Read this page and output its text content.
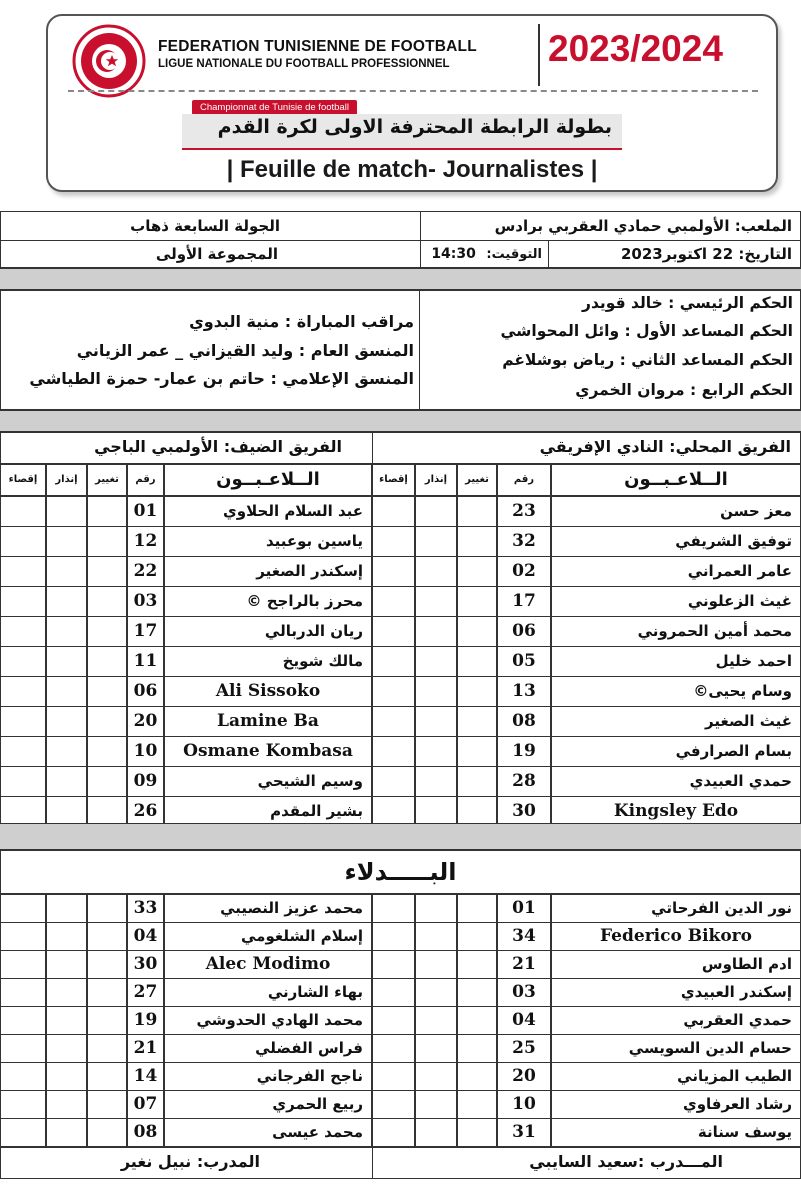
FEDERATION TUNISIENNE DE FOOTBALL
LIGUE NATIONALE DU FOOTBALL PROFESSIONNEL	2023/2024
Championnat de Tunisie de football
بطولة الرابطة المحترفة الاولى لكرة القدم
| Feuille de match- Journalistes |
الملعب: الأولمبي حمادي العقربي برادس
الجولة السابعة ذهاب
التاريخ: 22 اكتوبر2023
التوقيت: 14:30
المجموعة الأولى
الحكم الرئيسي : خالد قويدر
الحكم المساعد الأول : وائل المحواشي
الحكم المساعد الثاني : رياض بوشلاغم
الحكم الرابع : مروان الخمري
مراقب المباراة : منية البدوي
المنسق العام : وليد القيزاني _ عمر الزياني
المنسق الإعلامي : حاتم بن عمار- حمزة الطياشي
الفريق المحلي: النادي الإفريقي
الفريق الضيف: الأولمبي الباجي
الــلاعـبــون
رقم
تغيير
إنذار
إقصاء
الــلاعـبــون
رقم
تغيير
إنذار
إقصاء
معز حسن
23
توفيق الشريفي
32
عامر العمراني
02
غيث الزعلوني
17
محمد أمين الحمروني
06
احمد خليل
05
وسام يحيى©
13
غيث الصغير
08
بسام الصرارفي
19
حمدي العبيدي
28
Kingsley Edo
30
عبد السلام الحلاوي
01
ياسين بوعبيد
12
إسكندر الصغير
22
محرز بالراجح ©
03
ريان الدربالي
17
مالك شويخ
11
Ali Sissoko
06
Lamine Ba
20
Osmane Kombasa
10
وسيم الشيحي
09
بشير المقدم
26
نور الدين الفرحاتي
01
Federico Bikoro
34
ادم الطاوس
21
إسكندر العبيدي
03
حمدي العقربي
04
حسام الدين السويسي
25
الطيب المزياني
20
رشاد العرفاوي
10
يوسف سنانة
31
محمد عزيز النصيبي
33
إسلام الشلغومي
04
Alec Modimo
30
بهاء الشارني
27
محمد الهادي الحدوشي
19
فراس الفضلي
21
ناجح الفرجاني
14
ربيع الحمري
07
محمد عيسى
08
البـــــدلاء
المـــدرب :سعيد السايبي
المدرب: نبيل نغير
